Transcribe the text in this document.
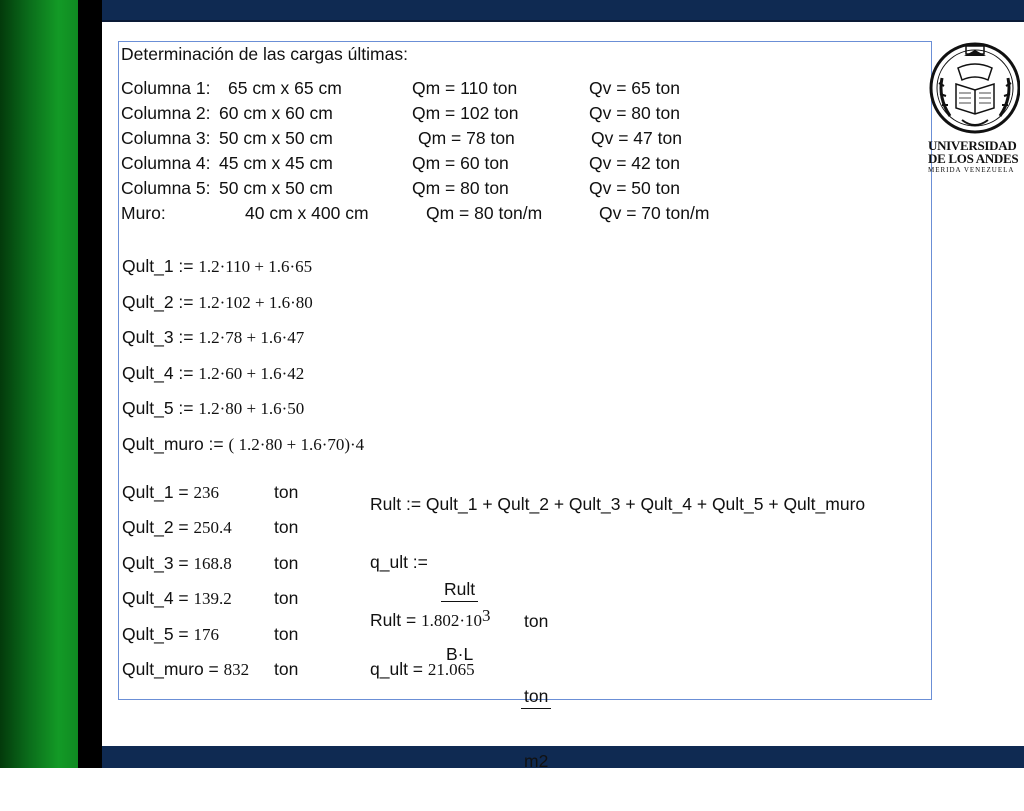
Determinación de las cargas últimas:
Columna 1: 65 cm x 65 cm	Qm = 110 ton	Qv = 65 ton
Columna 2: 60 cm x 60 cm	Qm = 102 ton	Qv = 80 ton
Columna 3: 50 cm x 50 cm	Qm = 78 ton	Qv = 47 ton
Columna 4: 45 cm x 45 cm	Qm = 60 ton	Qv = 42 ton
Columna 5: 50 cm x 50 cm	Qm = 80 ton	Qv = 50 ton
Muro:	40 cm x 400 cm	Qm = 80 ton/m	Qv = 70 ton/m
Qult_1 := 1.2·110 + 1.6·65
Qult_2 := 1.2·102 + 1.6·80
Qult_3 := 1.2·78 + 1.6·47
Qult_4 := 1.2·60 + 1.6·42
Qult_5 := 1.2·80 + 1.6·50
Qult_muro := ( 1.2·80 + 1.6·70)·4
Qult_1 = 236	ton
Qult_2 = 250.4 ton
Qult_3 = 168.8 ton
Qult_4 = 139.2 ton
Qult_5 = 176	ton
Qult_muro = 832 ton
Rult := Qult_1 + Qult_2 + Qult_3 + Qult_4 + Qult_5 + Qult_muro
q_ult :=

Rult

B·L

Rult = $1.802\cdot 10^3$ ton
q_ult = 21.065

ton

m2

UNIVERSIDAD
DE LOS ANDES
MERIDA VENEZUELA
